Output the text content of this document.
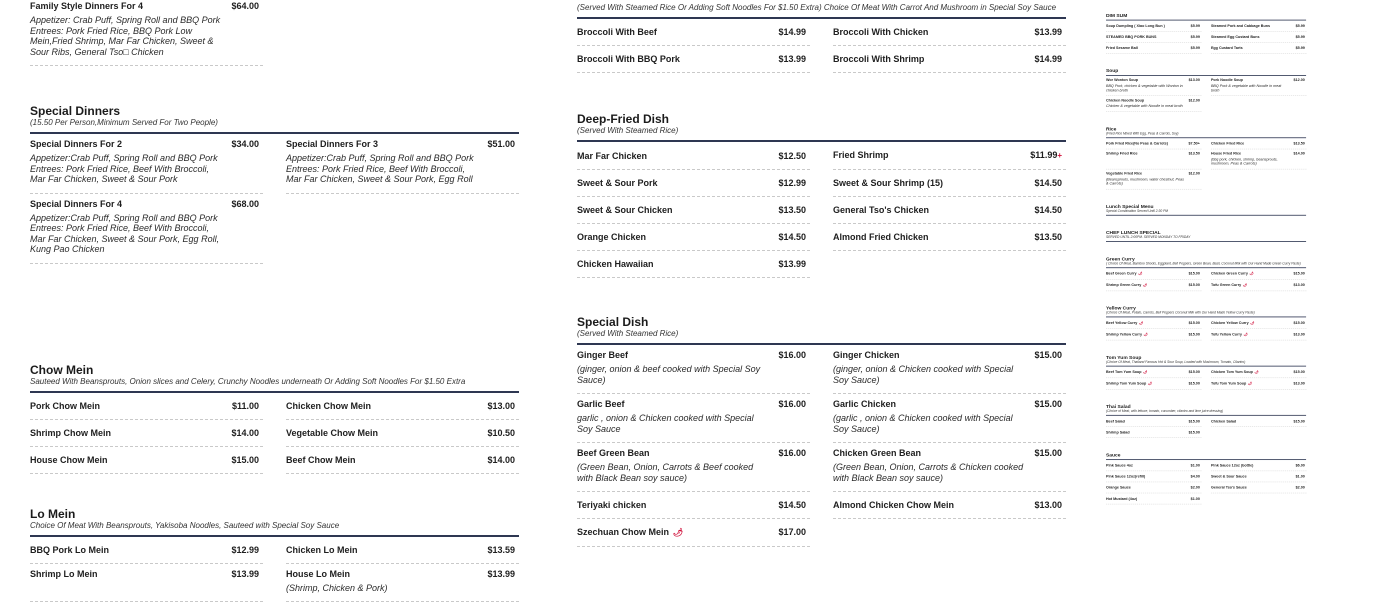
Family Style Dinners For 4	$64.00
Appetizer: Crab Puff, Spring Roll and BBQ Pork Entrees: Pork Fried Rice, BBQ Pork Low Mein,Fried Shrimp, Mar Far Chicken, Sweet & Sour Ribs, General Tso□ Chicken
Special Dinners
(15.50 Per Person,Minimum Served For Two People)
Special Dinners For 2	$34.00
Appetizer:Crab Puff, Spring Roll and BBQ Pork Entrees: Pork Fried Rice, Beef With Broccoli, Mar Far Chicken, Sweet & Sour Pork
Special Dinners For 3	$51.00
Appetizer:Crab Puff, Spring Roll and BBQ Pork Entrees: Pork Fried Rice, Beef With Broccoli, Mar Far Chicken, Sweet & Sour Pork, Egg Roll
Special Dinners For 4	$68.00
Appetizer:Crab Puff, Spring Roll and BBQ Pork Entrees: Pork Fried Rice, Beef With Broccoli, Mar Far Chicken, Sweet & Sour Pork, Egg Roll, Kung Pao Chicken
Chow Mein
Sauteed With Beansprouts, Onion slices and Celery, Crunchy Noodles underneath Or Adding Soft Noodles For $1.50 Extra
Pork Chow Mein	$11.00	Chicken Chow Mein	$13.00
Shrimp Chow Mein	$14.00	Vegetable Chow Mein	$10.50
House Chow Mein	$15.00	Beef Chow Mein	$14.00
Lo Mein
Choice Of Meat With Beansprouts, Yakisoba Noodles, Sauteed with Special Soy Sauce
BBQ Pork Lo Mein	$12.99	Chicken Lo Mein	$13.59
Shrimp Lo Mein	$13.99	House Lo Mein	$13.99
(Shrimp, Chicken & Pork)
(Served With Steamed Rice Or Adding Soft Noodles For $1.50 Extra) Choice Of Meat With Carrot And Mushroom in Special Soy Sauce
Broccoli With Beef	$14.99	Broccoli With Chicken	$13.99
Broccoli With BBQ Pork	$13.99	Broccoli With Shrimp	$14.99
Deep-Fried Dish
(Served With Steamed Rice)
Mar Far Chicken	$12.50	Fried Shrimp	$11.99+
Sweet & Sour Pork	$12.99	Sweet & Sour Shrimp (15)	$14.50
Sweet & Sour Chicken	$13.50	General Tso's Chicken	$14.50
Orange Chicken	$14.50	Almond Fried Chicken	$13.50
Chicken Hawaiian	$13.99
Special Dish
(Served With Steamed Rice)
Ginger Beef	$16.00
(ginger, onion & beef cooked with Special Soy Sauce)
Ginger Chicken	$15.00
(ginger, onion & Chicken cooked with Special Soy Sauce)
Garlic Beef	$16.00
garlic , onion & Chicken cooked with Special Soy Sauce
Garlic Chicken	$15.00
(garlic , onion & Chicken cooked with Special Soy Sauce)
Beef Green Bean	$16.00
(Green Bean, Onion, Carrots & Beef cooked with Black Bean soy sauce)
Chicken Green Bean	$15.00
(Green Bean, Onion, Carrots & Chicken cooked with Black Bean soy sauce)
Teriyaki chicken	$14.50	Almond Chicken Chow Mein	$13.00
Szechuan Chow Mein 🌶	$17.00
DIM SUM
Soup Dumpling ( Xiao Long Bun )	$5.99 Steamed Pork and Cabbage Buns	$5.99
STEAMED BBQ PORK BUNS	$5.99 Steamed Egg Custard Buns	$5.99
Fried Sesame Ball	$5.99 Egg Custard Tarts	$5.99
Soup
Wor Wonton Soup	$13.00
BBQ Pork, chicken & vegetable with Wonton in chicken broth
Pork Noodle Soup	$12.00
BBQ Pork & vegetable with Noodle in meat broth
Chicken Noodle Soup	$12.00
Chicken & vegetable with Noodle in meat broth
Rice
(Fried Rice Mixed With Egg, Peas & Carrots, Soy)
Pork Fried Rice(No Peas & Carrots) $7.50+ Chicken Fried Rice	$13.50
Shrimp Fried Rice	$13.50 House Fried Rice	$14.00
(bbq pork, chicken, shrimp, beansprouts, mushroom, Peas & Carrots)
Vegetable Fried Rice	$12.00
(Beansprouts, mushroom, water chestnut, Peas & Carrots)
Lunch Special Menu
Special Combination Served Until 2:30 PM
CHEF LUNCH SPECIAL
SERVED UNTIL 2:00PM. SERVED MONDAY TO FRIDAY
Green Curry
( Choice Of Meat, Bamboo Shoots, Eggplant, Bell Peppers, Green Bean, Basil, Coconut Milk with Our Hand Made Green Curry Paste)
Beef Green Curry 🌶	$15.00 Chicken Green Curry 🌶	$15.00
Shrimp Green Curry 🌶	$15.00 Tofu Green Curry 🌶	$13.00
Yellow Curry
(Choice Of Meat, Potato, Carrots, Bell Peppers Coconut Milk with Our Hand Made Yellow Curry Paste)
Beef Yellow Curry 🌶	$15.00 Chicken Yellow Curry 🌶	$15.00
Shrimp Yellow Curry 🌶	$15.00 Tofu Yellow Curry 🌶	$13.00
Tom Yum Soup
(Choice Of Meat, Thailand Famous Hot & Sour Soup, Loaded with Mushroom, Tomato, Cilantro)
Beef Tom Yum Soup 🌶	$15.00 Chicken Tom Yum Soup 🌶	$15.00
Shrimp Tom Yum Soup 🌶	$15.00 Tofu Tom Yum Soup 🌶	$13.00
Thai Salad
(Choice of Meat, with lettuce, tomato, cucumber, cilantro and lime juice dressing)
Beef Salad	$15.00 Chicken Salad	$15.00
Shrimp Salad	$15.00
Sauce
Pink Sauce 4oz	$1.00 Pink Sauce 12oz (bottle)	$6.00
Pink Sauce 12oz(refill)	$4.00 Sweet & Sour Sauce	$1.00
Orange Sauce	$2.00 General Tso's Sauce	$2.00
Hot Mustard (4oz)	$1.00
